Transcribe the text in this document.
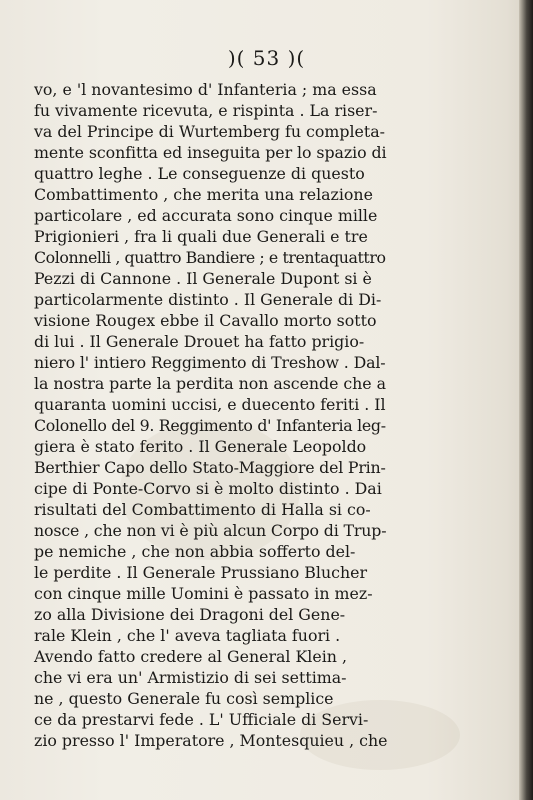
)( 53 )(
vo, e 'l novantesimo d' Infanteria ; ma essa
fu vivamente ricevuta, e rispinta . La riser-
va del Principe di Wurtemberg fu completa-
mente sconfitta ed inseguita per lo spazio di
quattro leghe . Le conseguenze di questo
Combattimento , che merita una relazione
particolare , ed accurata sono cinque mille
Prigionieri , fra li quali due Generali e tre
Colonnelli , quattro Bandiere ; e trentaquattro
Pezzi di Cannone . Il Generale Dupont si è
particolarmente distinto . Il Generale di Di-
visione Rougex ebbe il Cavallo morto sotto
di lui . Il Generale Drouet ha fatto prigio-
niero l' intiero Reggimento di Treshow . Dal-
la nostra parte la perdita non ascende che a
quaranta uomini uccisi, e duecento feriti . Il
Colonello del 9. Reggimento d' Infanteria leg-
giera è stato ferito . Il Generale Leopoldo
Berthier Capo dello Stato-Maggiore del Prin-
cipe di Ponte-Corvo si è molto distinto . Dai
risultati del Combattimento di Halla si co-
nosce , che non vi è più alcun Corpo di Trup-
pe nemiche , che non abbia sofferto del-
le perdite . Il Generale Prussiano Blucher
con cinque mille Uomini è passato in mez-
zo alla Divisione dei Dragoni del Gene-
rale Klein , che l' aveva tagliata fuori .
Avendo fatto credere al General Klein ,
che vi era un' Armistizio di sei settima-
ne , questo Generale fu così semplice
ce da prestarvi fede . L' Ufficiale di Servi-
zio presso l' Imperatore , Montesquieu , che
